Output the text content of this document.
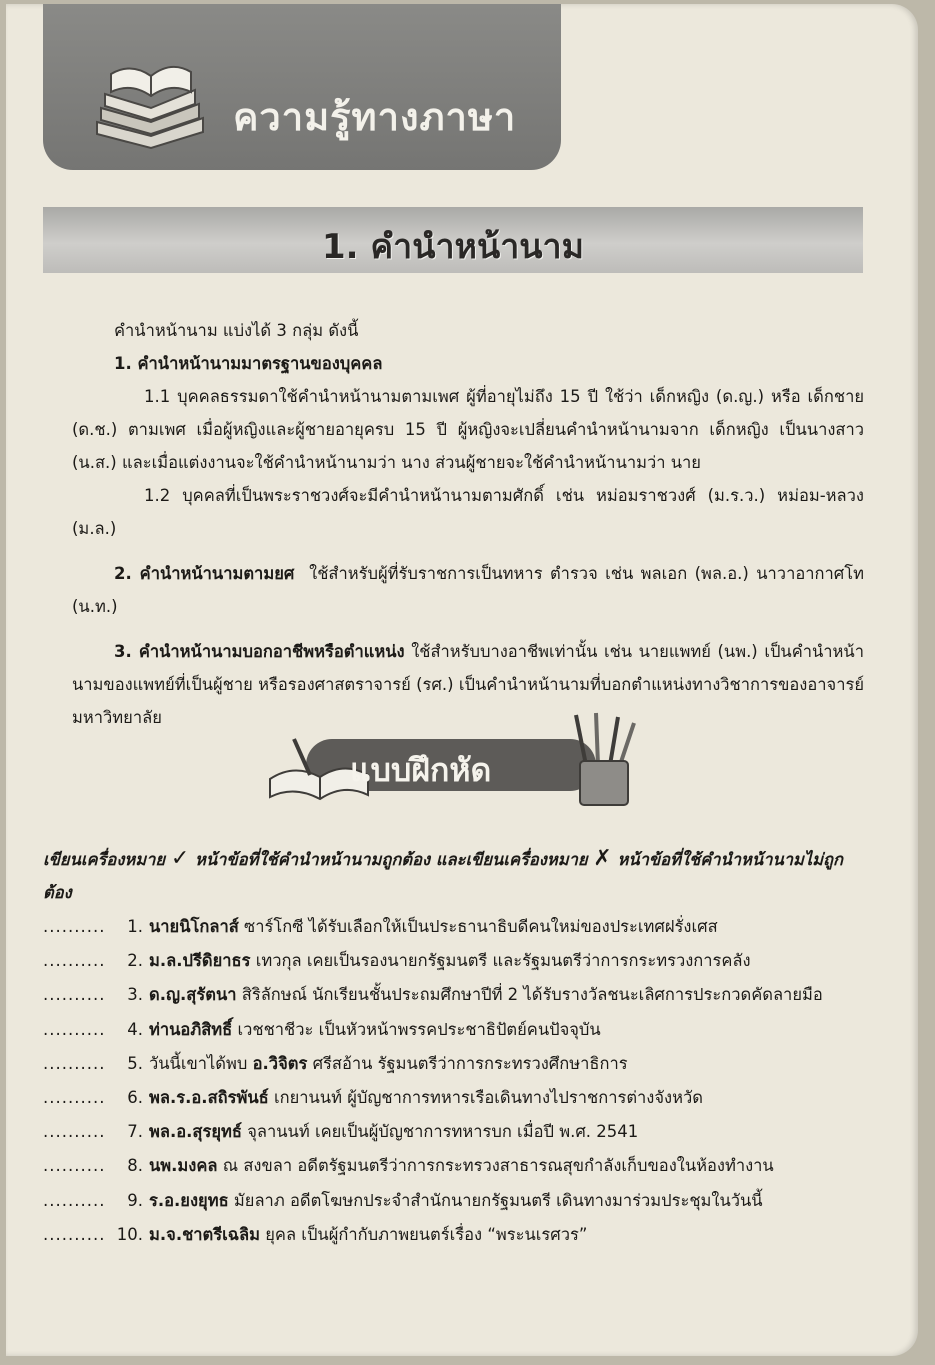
ความรู้ทางภาษา
1. คำนำหน้านาม

คำนำหน้านาม แบ่งได้ 3 กลุ่ม ดังนี้

1. คำนำหน้านามมาตรฐานของบุคคล

1.1 บุคคลธรรมดาใช้คำนำหน้านามตามเพศ ผู้ที่อายุไม่ถึง 15 ปี ใช้ว่า เด็กหญิง (ด.ญ.) หรือ เด็กชาย (ด.ช.) ตามเพศ เมื่อผู้หญิงและผู้ชายอายุครบ 15 ปี ผู้หญิงจะเปลี่ยนคำนำหน้านามจาก เด็กหญิง เป็นนางสาว (น.ส.) และเมื่อแต่งงานจะใช้คำนำหน้านามว่า นาง ส่วนผู้ชายจะใช้คำนำหน้านามว่า นาย

1.2 บุคคลที่เป็นพระราชวงศ์จะมีคำนำหน้านามตามศักดิ์ เช่น หม่อมราชวงศ์ (ม.ร.ว.) หม่อม-หลวง (ม.ล.)

2. คำนำหน้านามตามยศ ใช้สำหรับผู้ที่รับราชการเป็นทหาร ตำรวจ เช่น พลเอก (พล.อ.) นาวาอากาศโท (น.ท.)

3. คำนำหน้านามบอกอาชีพหรือตำแหน่ง ใช้สำหรับบางอาชีพเท่านั้น เช่น นายแพทย์ (นพ.) เป็นคำนำหน้านามของแพทย์ที่เป็นผู้ชาย หรือรองศาสตราจารย์ (รศ.) เป็นคำนำหน้านามที่บอกตำแหน่งทางวิชาการของอาจารย์มหาวิทยาลัย

แบบฝึกหัด
เขียนเครื่องหมาย ✓ หน้าข้อที่ใช้คำนำหน้านามถูกต้อง และเขียนเครื่องหมาย ✗ หน้าข้อที่ใช้คำนำหน้านามไม่ถูกต้อง
..........	1. นายนิโกลาส์ ซาร์โกซี ได้รับเลือกให้เป็นประธานาธิบดีคนใหม่ของประเทศฝรั่งเศส
..........	2. ม.ล.ปรีดิยาธร เทวกุล เคยเป็นรองนายกรัฐมนตรี และรัฐมนตรีว่าการกระทรวงการคลัง
..........	3. ด.ญ.สุรัตนา สิริลักษณ์ นักเรียนชั้นประถมศึกษาปีที่ 2 ได้รับรางวัลชนะเลิศการประกวดคัดลายมือ
..........	4. ท่านอภิสิทธิ์ เวชชาชีวะ เป็นหัวหน้าพรรคประชาธิปัตย์คนปัจจุบัน
..........	5. วันนี้เขาได้พบ อ.วิจิตร ศรีสอ้าน รัฐมนตรีว่าการกระทรวงศึกษาธิการ
..........	6. พล.ร.อ.สถิรพันธ์ เกยานนท์ ผู้บัญชาการทหารเรือเดินทางไปราชการต่างจังหวัด
..........	7. พล.อ.สุรยุทธ์ จุลานนท์ เคยเป็นผู้บัญชาการทหารบก เมื่อปี พ.ศ. 2541
..........	8. นพ.มงคล ณ สงขลา อดีตรัฐมนตรีว่าการกระทรวงสาธารณสุขกำลังเก็บของในห้องทำงาน
..........	9. ร.อ.ยงยุทธ มัยลาภ อดีตโฆษกประจำสำนักนายกรัฐมนตรี เดินทางมาร่วมประชุมในวันนี้
.......... 10. ม.จ.ชาตรีเฉลิม ยุคล เป็นผู้กำกับภาพยนตร์เรื่อง “พระนเรศวร”
